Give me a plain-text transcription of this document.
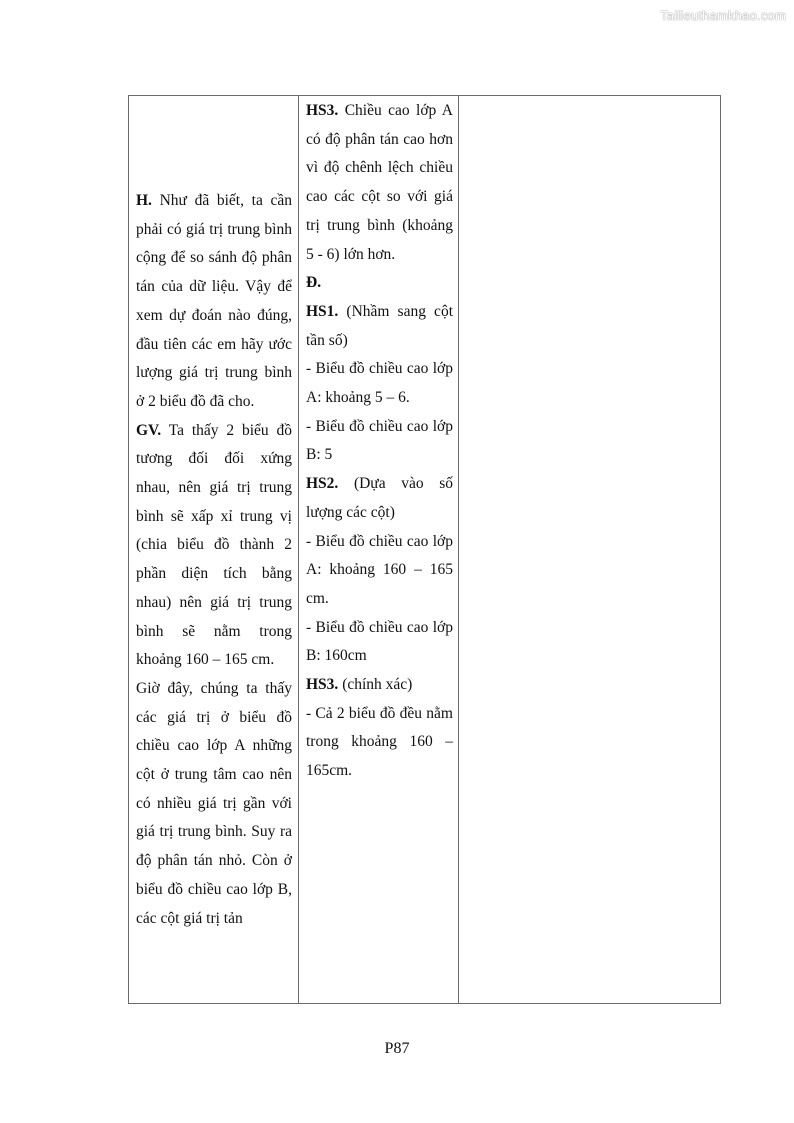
Tailieuthamkhao.com

H. Như đã biết, ta cần phải có giá trị trung bình cộng để so sánh độ phân tán của dữ liệu. Vậy để xem dự đoán nào đúng, đầu tiên các em hãy ước lượng giá trị trung bình ở 2 biểu đồ đã cho.

GV. Ta thấy 2 biểu đồ tương đối đối xứng nhau, nên giá trị trung bình sẽ xấp xỉ trung vị (chia biểu đồ thành 2 phần diện tích bằng nhau) nên giá trị trung bình sẽ nằm trong khoảng 160 – 165 cm.

Giờ đây, chúng ta thấy các giá trị ở biểu đồ chiều cao lớp A những cột ở trung tâm cao nên có nhiều giá trị gần với giá trị trung bình. Suy ra độ phân tán nhỏ. Còn ở biểu đồ chiều cao lớp B, các cột giá trị tản

HS3. Chiều cao lớp A có độ phân tán cao hơn vì độ chênh lệch chiều cao các cột so với giá trị trung bình (khoảng 5 - 6) lớn hơn.

Đ.

HS1. (Nhầm sang cột tần số)

- Biểu đồ chiều cao lớp A: khoảng 5 – 6.

- Biểu đồ chiều cao lớp B: 5

HS2. (Dựa vào số lượng các cột)

- Biểu đồ chiều cao lớp A: khoảng 160 – 165 cm.

- Biểu đồ chiều cao lớp B: 160cm

HS3. (chính xác)

- Cả 2 biểu đồ đều nằm trong khoảng 160 – 165cm.

P87
